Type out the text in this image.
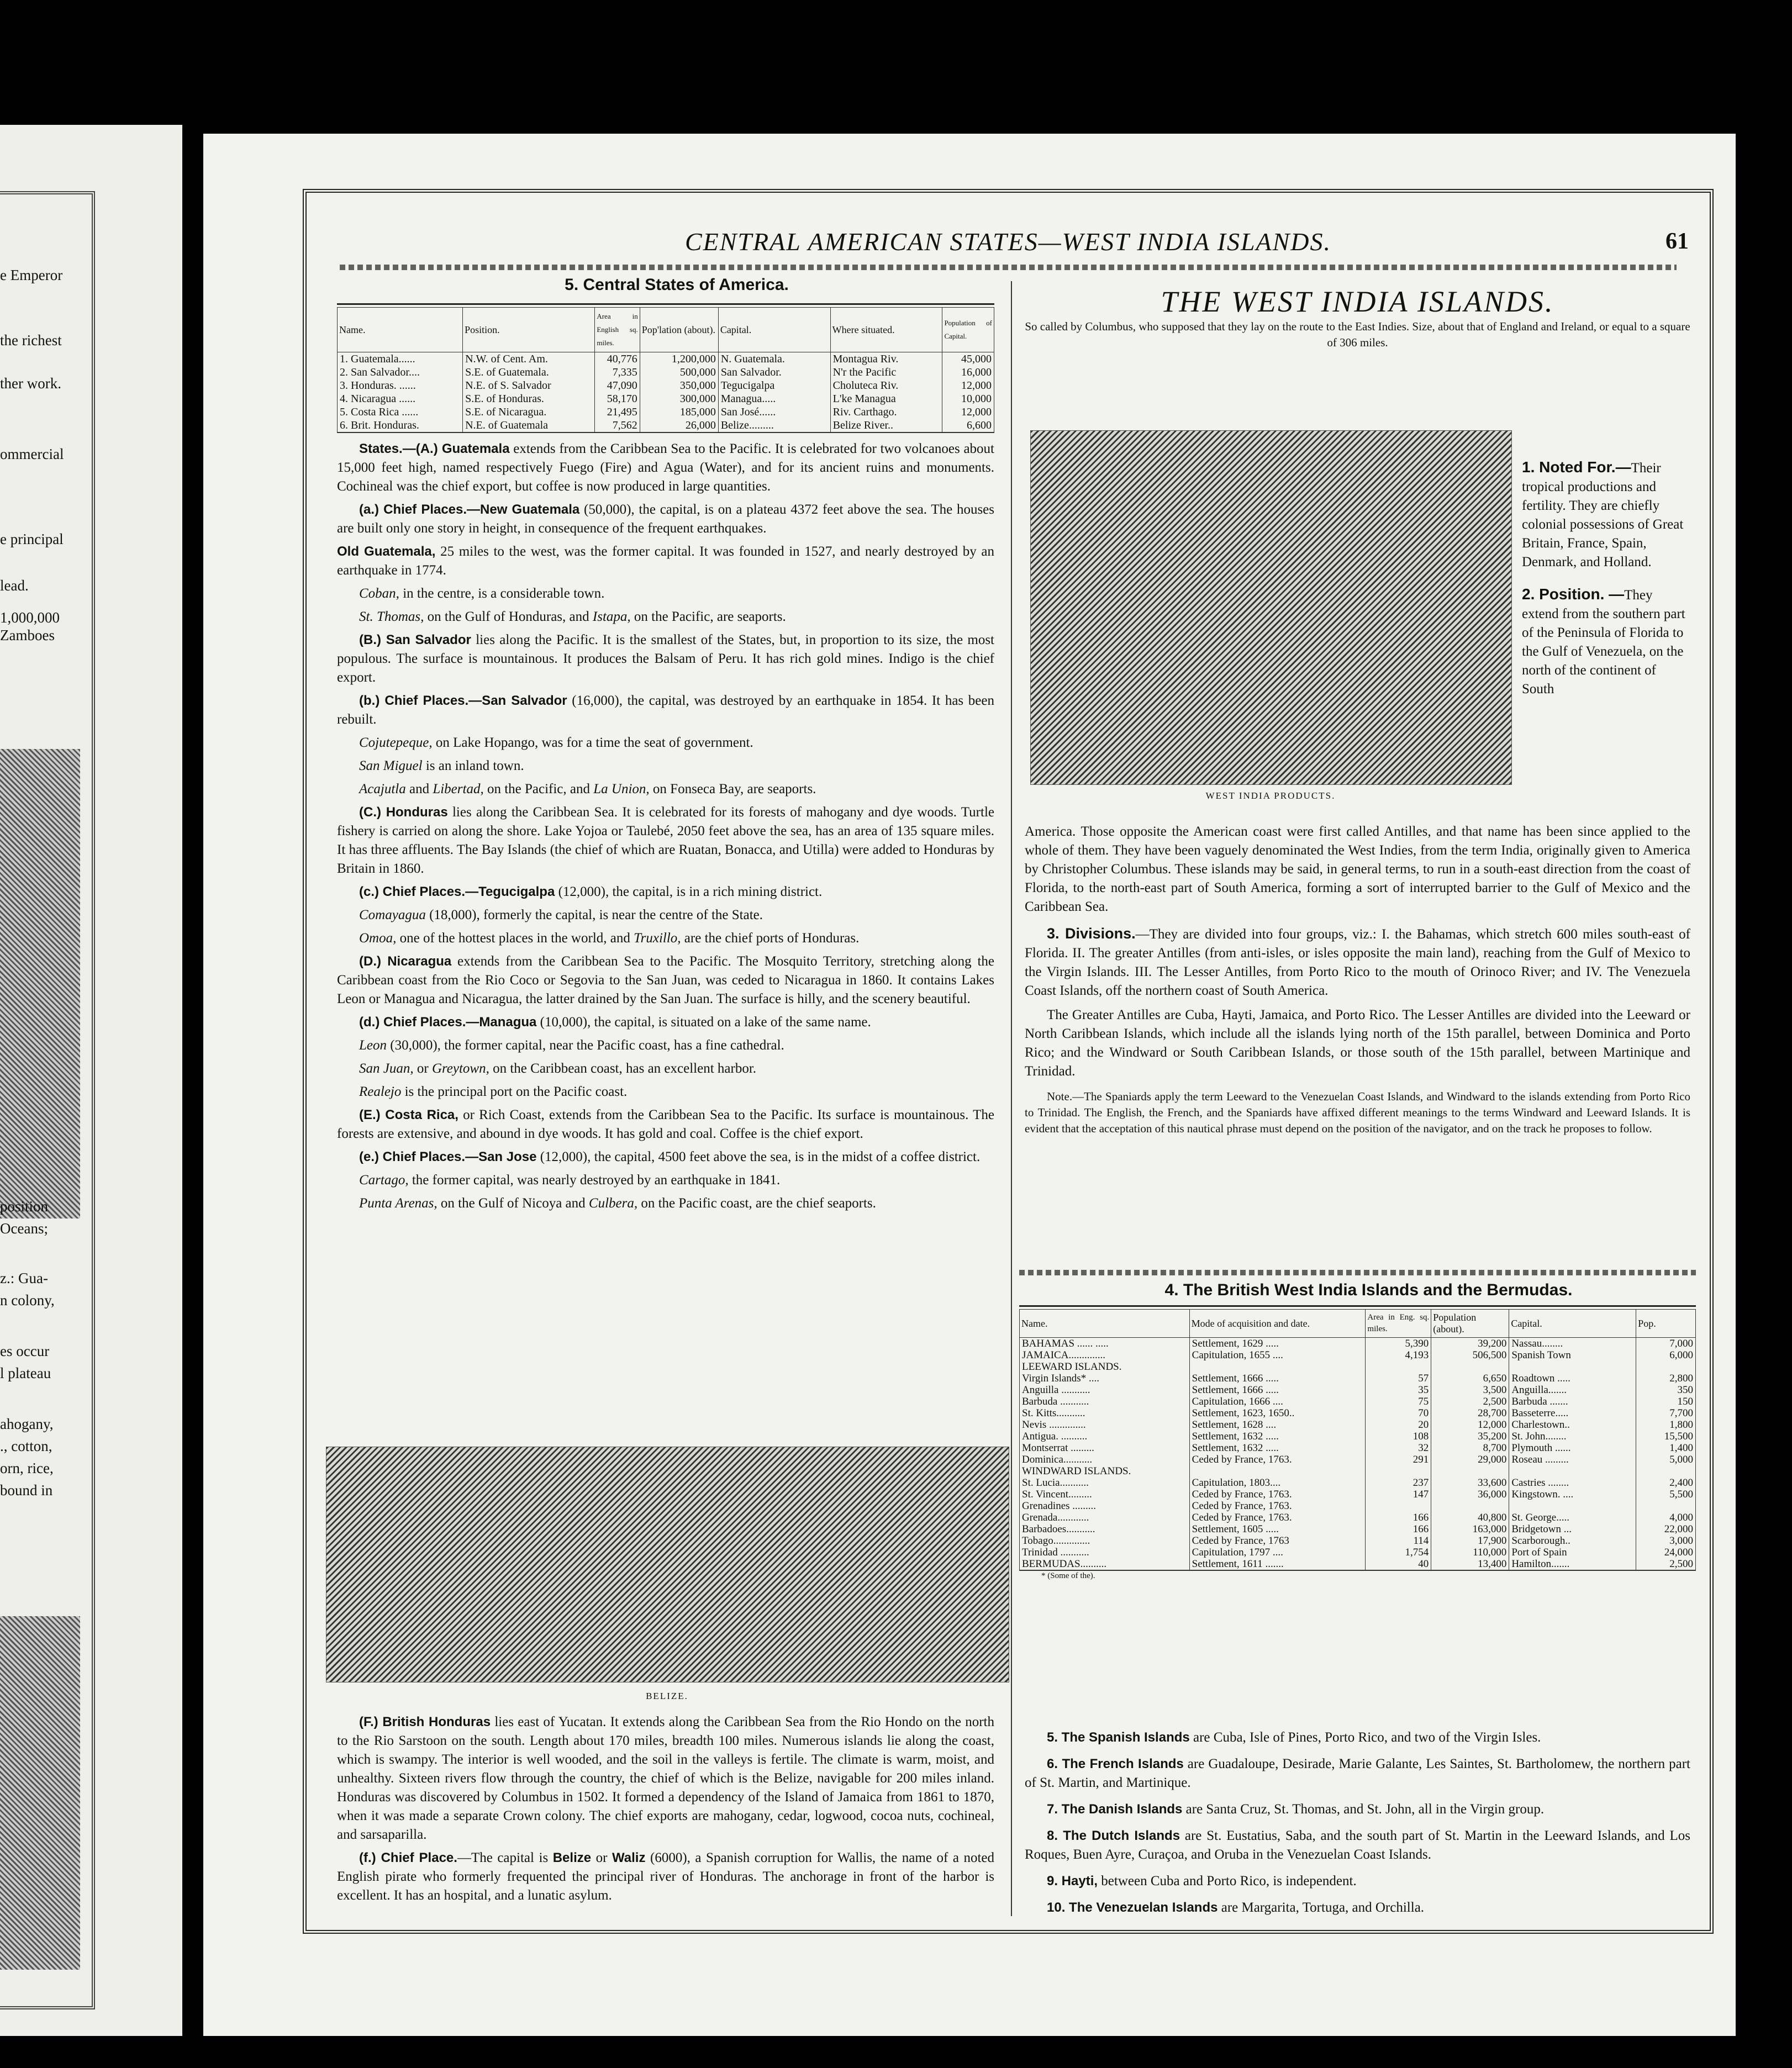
e Emperor
the richest
ther work.
ommercial
e principal
lead.
1,000,000
Zamboes
position
Oceans;
z.: Gua-
n colony,
es occur
l plateau
ahogany,
., cotton,
orn, rice,
bound in
CENTRAL AMERICAN STATES—WEST INDIA ISLANDS.	61

5. Central States of America.

Name.	Position.	Area in English sq. miles.	Pop'lation (about).	Capital.	Where situated.	Population of Capital.
1. Guatemala......	N.W. of Cent. Am.	40,776	1,200,000	N. Guatemala.	Montagua Riv.	45,000
2. San Salvador....	S.E. of Guatemala.	7,335	500,000	San Salvador.	N'r the Pacific	16,000
3. Honduras. ......	N.E. of S. Salvador	47,090	350,000	Tegucigalpa	Choluteca Riv.	12,000
4. Nicaragua ......	S.E. of Honduras.	58,170	300,000	Managua.....	L'ke Managua	10,000
5. Costa Rica ......	S.E. of Nicaragua.	21,495	185,000	San José......	Riv. Carthago.	12,000
6. Brit. Honduras.	N.E. of Guatemala	7,562	26,000	Belize.........	Belize River..	6,600

States.—(A.) Guatemala extends from the Caribbean Sea to the Pacific. It is celebrated for two volcanoes about 15,000 feet high, named respectively Fuego (Fire) and Agua (Water), and for its ancient ruins and monuments. Cochineal was the chief export, but coffee is now produced in large quantities.

(a.) Chief Places.—New Guatemala (50,000), the capital, is on a plateau 4372 feet above the sea. The houses are built only one story in height, in consequence of the frequent earthquakes.

Old Guatemala, 25 miles to the west, was the former capital. It was founded in 1527, and nearly destroyed by an earthquake in 1774.

Coban, in the centre, is a considerable town.

St. Thomas, on the Gulf of Honduras, and Istapa, on the Pacific, are seaports.

(B.) San Salvador lies along the Pacific. It is the smallest of the States, but, in proportion to its size, the most populous. The surface is mountainous. It produces the Balsam of Peru. It has rich gold mines. Indigo is the chief export.

(b.) Chief Places.—San Salvador (16,000), the capital, was destroyed by an earthquake in 1854. It has been rebuilt.

Cojutepeque, on Lake Hopango, was for a time the seat of government.

San Miguel is an inland town.

Acajutla and Libertad, on the Pacific, and La Union, on Fonseca Bay, are seaports.

(C.) Honduras lies along the Caribbean Sea. It is celebrated for its forests of mahogany and dye woods. Turtle fishery is carried on along the shore. Lake Yojoa or Taulebé, 2050 feet above the sea, has an area of 135 square miles. It has three affluents. The Bay Islands (the chief of which are Ruatan, Bonacca, and Utilla) were added to Honduras by Britain in 1860.

(c.) Chief Places.—Tegucigalpa (12,000), the capital, is in a rich mining district.

Comayagua (18,000), formerly the capital, is near the centre of the State.

Omoa, one of the hottest places in the world, and Truxillo, are the chief ports of Honduras.

(D.) Nicaragua extends from the Caribbean Sea to the Pacific. The Mosquito Territory, stretching along the Caribbean coast from the Rio Coco or Segovia to the San Juan, was ceded to Nicaragua in 1860. It contains Lakes Leon or Managua and Nicaragua, the latter drained by the San Juan. The surface is hilly, and the scenery beautiful.

(d.) Chief Places.—Managua (10,000), the capital, is situated on a lake of the same name.

Leon (30,000), the former capital, near the Pacific coast, has a fine cathedral.

San Juan, or Greytown, on the Caribbean coast, has an excellent harbor.

Realejo is the principal port on the Pacific coast.

(E.) Costa Rica, or Rich Coast, extends from the Caribbean Sea to the Pacific. Its surface is mountainous. The forests are extensive, and abound in dye woods. It has gold and coal. Coffee is the chief export.

(e.) Chief Places.—San Jose (12,000), the capital, 4500 feet above the sea, is in the midst of a coffee district.

Cartago, the former capital, was nearly destroyed by an earthquake in 1841.

Punta Arenas, on the Gulf of Nicoya and Culbera, on the Pacific coast, are the chief seaports.

BELIZE.

(F.) British Honduras lies east of Yucatan. It extends along the Caribbean Sea from the Rio Hondo on the north to the Rio Sarstoon on the south. Length about 170 miles, breadth 100 miles. Numerous islands lie along the coast, which is swampy. The interior is well wooded, and the soil in the valleys is fertile. The climate is warm, moist, and unhealthy. Sixteen rivers flow through the country, the chief of which is the Belize, navigable for 200 miles inland. Honduras was discovered by Columbus in 1502. It formed a dependency of the Island of Jamaica from 1861 to 1870, when it was made a separate Crown colony. The chief exports are mahogany, cedar, logwood, cocoa nuts, cochineal, and sarsaparilla.

(f.) Chief Place.—The capital is Belize or Waliz (6000), a Spanish corruption for Wallis, the name of a noted English pirate who formerly frequented the principal river of Honduras. The anchorage in front of the harbor is excellent. It has an hospital, and a lunatic asylum.

THE WEST INDIA ISLANDS.

So called by Columbus, who supposed that they lay on the route to the East Indies. Size, about that of England and Ireland, or equal to a square of 306 miles.

WEST INDIA PRODUCTS.

1. Noted For.—Their tropical productions and fertility. They are chiefly colonial possessions of Great Britain, France, Spain, Denmark, and Holland.

2. Position. —They extend from the southern part of the Peninsula of Florida to the Gulf of Venezuela, on the north of the continent of South

America. Those opposite the American coast were first called Antilles, and that name has been since applied to the whole of them. They have been vaguely denominated the West Indies, from the term India, originally given to America by Christopher Columbus. These islands may be said, in general terms, to run in a south-east direction from the coast of Florida, to the north-east part of South America, forming a sort of interrupted barrier to the Gulf of Mexico and the Caribbean Sea.

3. Divisions.—They are divided into four groups, viz.: I. the Bahamas, which stretch 600 miles south-east of Florida. II. The greater Antilles (from anti-isles, or isles opposite the main land), reaching from the Gulf of Mexico to the Virgin Islands. III. The Lesser Antilles, from Porto Rico to the mouth of Orinoco River; and IV. The Venezuela Coast Islands, off the northern coast of South America.

The Greater Antilles are Cuba, Hayti, Jamaica, and Porto Rico. The Lesser Antilles are divided into the Leeward or North Caribbean Islands, which include all the islands lying north of the 15th parallel, between Dominica and Porto Rico; and the Windward or South Caribbean Islands, or those south of the 15th parallel, between Martinique and Trinidad.

Note.—The Spaniards apply the term Leeward to the Venezuelan Coast Islands, and Windward to the islands extending from Porto Rico to Trinidad. The English, the French, and the Spaniards have affixed different meanings to the terms Windward and Leeward Islands. It is evident that the acceptation of this nautical phrase must depend on the position of the navigator, and on the track he proposes to follow.

4. The British West India Islands and the Bermudas.

Name.	Mode of acquisition and date.	Area in Eng. sq. miles.	Population (about).	Capital.	Pop.
BAHAMAS ...... .....	Settlement, 1629 .....	5,390	39,200	Nassau........	7,000
JAMAICA..............	Capitulation, 1655 ....	4,193	506,500	Spanish Town	6,000
LEEWARD ISLANDS.					
Virgin Islands* ....	Settlement, 1666 .....	57	6,650	Roadtown .....	2,800
Anguilla ...........	Settlement, 1666 .....	35	3,500	Anguilla.......	350
Barbuda ...........	Capitulation, 1666 ....	75	2,500	Barbuda .......	150
St. Kitts...........	Settlement, 1623, 1650..	70	28,700	Basseterre.....	7,700
Nevis ..............	Settlement, 1628 ....	20	12,000	Charlestown..	1,800
Antigua. ..........	Settlement, 1632 .....	108	35,200	St. John........	15,500
Montserrat .........	Settlement, 1632 .....	32	8,700	Plymouth ......	1,400
Dominica...........	Ceded by France, 1763.	291	29,000	Roseau .........	5,000
WINDWARD ISLANDS.					
St. Lucia...........	Capitulation, 1803....	237	33,600	Castries ........	2,400
St. Vincent.........	Ceded by France, 1763.	147	36,000	Kingstown. ....	5,500
Grenadines .........	Ceded by France, 1763.				
Grenada............	Ceded by France, 1763.	166	40,800	St. George.....	4,000
Barbadoes...........	Settlement, 1605 .....	166	163,000	Bridgetown ...	22,000
Tobago..............	Ceded by France, 1763	114	17,900	Scarborough..	3,000
Trinidad ...........	Capitulation, 1797 ....	1,754	110,000	Port of Spain	24,000
BERMUDAS..........	Settlement, 1611 .......	40	13,400	Hamilton.......	2,500
* (Some of the).

5. The Spanish Islands are Cuba, Isle of Pines, Porto Rico, and two of the Virgin Isles.

6. The French Islands are Guadaloupe, Desirade, Marie Galante, Les Saintes, St. Bartholomew, the northern part of St. Martin, and Martinique.

7. The Danish Islands are Santa Cruz, St. Thomas, and St. John, all in the Virgin group.

8. The Dutch Islands are St. Eustatius, Saba, and the south part of St. Martin in the Leeward Islands, and Los Roques, Buen Ayre, Curaçoa, and Oruba in the Venezuelan Coast Islands.

9. Hayti, between Cuba and Porto Rico, is independent.

10. The Venezuelan Islands are Margarita, Tortuga, and Orchilla.
